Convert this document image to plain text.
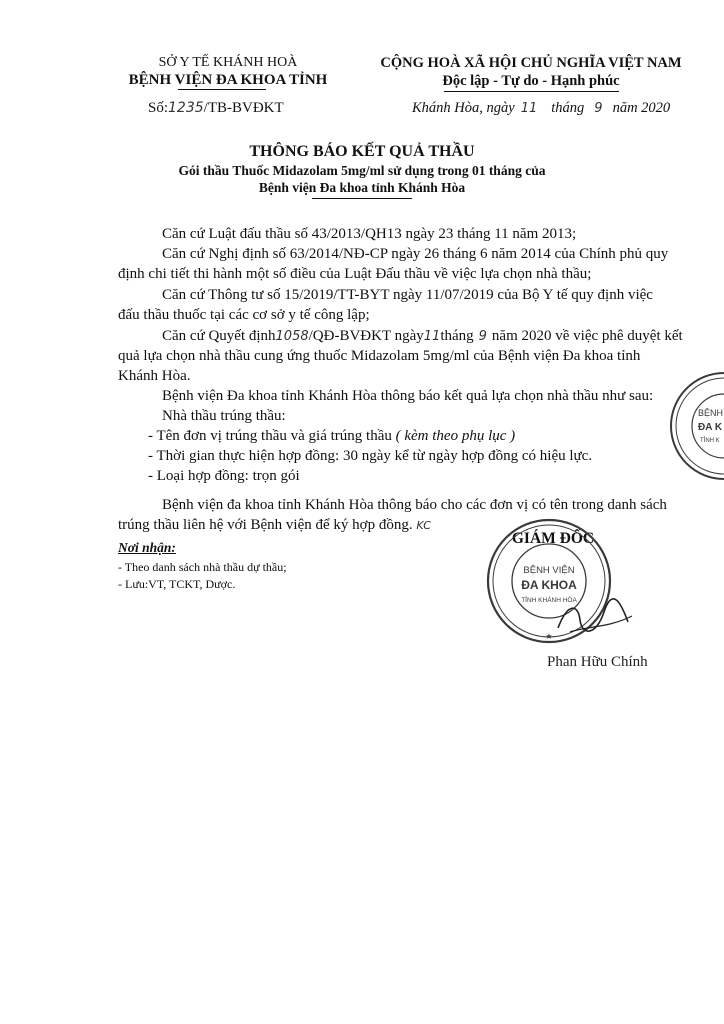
SỞ Y TẾ KHÁNH HOÀ
BỆNH VIỆN ĐA KHOA TỈNH
Số:1235/TB-BVĐKT
CỘNG HOÀ XÃ HỘI CHỦ NGHĨA VIỆT NAM
Độc lập - Tự do - Hạnh phúc
Khánh Hòa, ngày 11 tháng 9 năm 2020
THÔNG BÁO KẾT QUẢ THẦU
Gói thầu Thuốc Midazolam 5mg/ml sử dụng trong 01 tháng của
Bệnh viện Đa khoa tỉnh Khánh Hòa
Căn cứ Luật đấu thầu số 43/2013/QH13 ngày 23 tháng 11 năm 2013;
Căn cứ Nghị định số 63/2014/NĐ-CP ngày 26 tháng 6 năm 2014 của Chính phủ quy
định chi tiết thi hành một số điều của Luật Đấu thầu về việc lựa chọn nhà thầu;
Căn cứ Thông tư số 15/2019/TT-BYT ngày 11/07/2019 của Bộ Y tế quy định việc
đấu thầu thuốc tại các cơ sở y tế công lập;
Căn cứ Quyết định1058/QĐ-BVĐKT ngày11tháng 9 năm 2020 về việc phê duyệt kết
quả lựa chọn nhà thầu cung ứng thuốc Midazolam 5mg/ml của Bệnh viện Đa khoa tỉnh
Khánh Hòa.
Bệnh viện Đa khoa tỉnh Khánh Hòa thông báo kết quả lựa chọn nhà thầu như sau:
Nhà thầu trúng thầu:
- Tên đơn vị trúng thầu và giá trúng thầu ( kèm theo phụ lục )
- Thời gian thực hiện hợp đồng: 30 ngày kể từ ngày hợp đồng có hiệu lực.
- Loại hợp đồng: trọn gói
Bệnh viện đa khoa tỉnh Khánh Hòa thông báo cho các đơn vị có tên trong danh sách
trúng thầu liên hệ với Bệnh viện để ký hợp đồng. KC
Nơi nhận:
- Theo danh sách nhà thầu dự thầu;
- Lưu:VT, TCKT, Dược.
GIÁM ĐỐC
BỆNH VIỆN
ĐA KHOA
TỈNH KHÁNH HÒA
★
BỆNH
ĐA K
TỈNH K
Phan Hữu Chính
